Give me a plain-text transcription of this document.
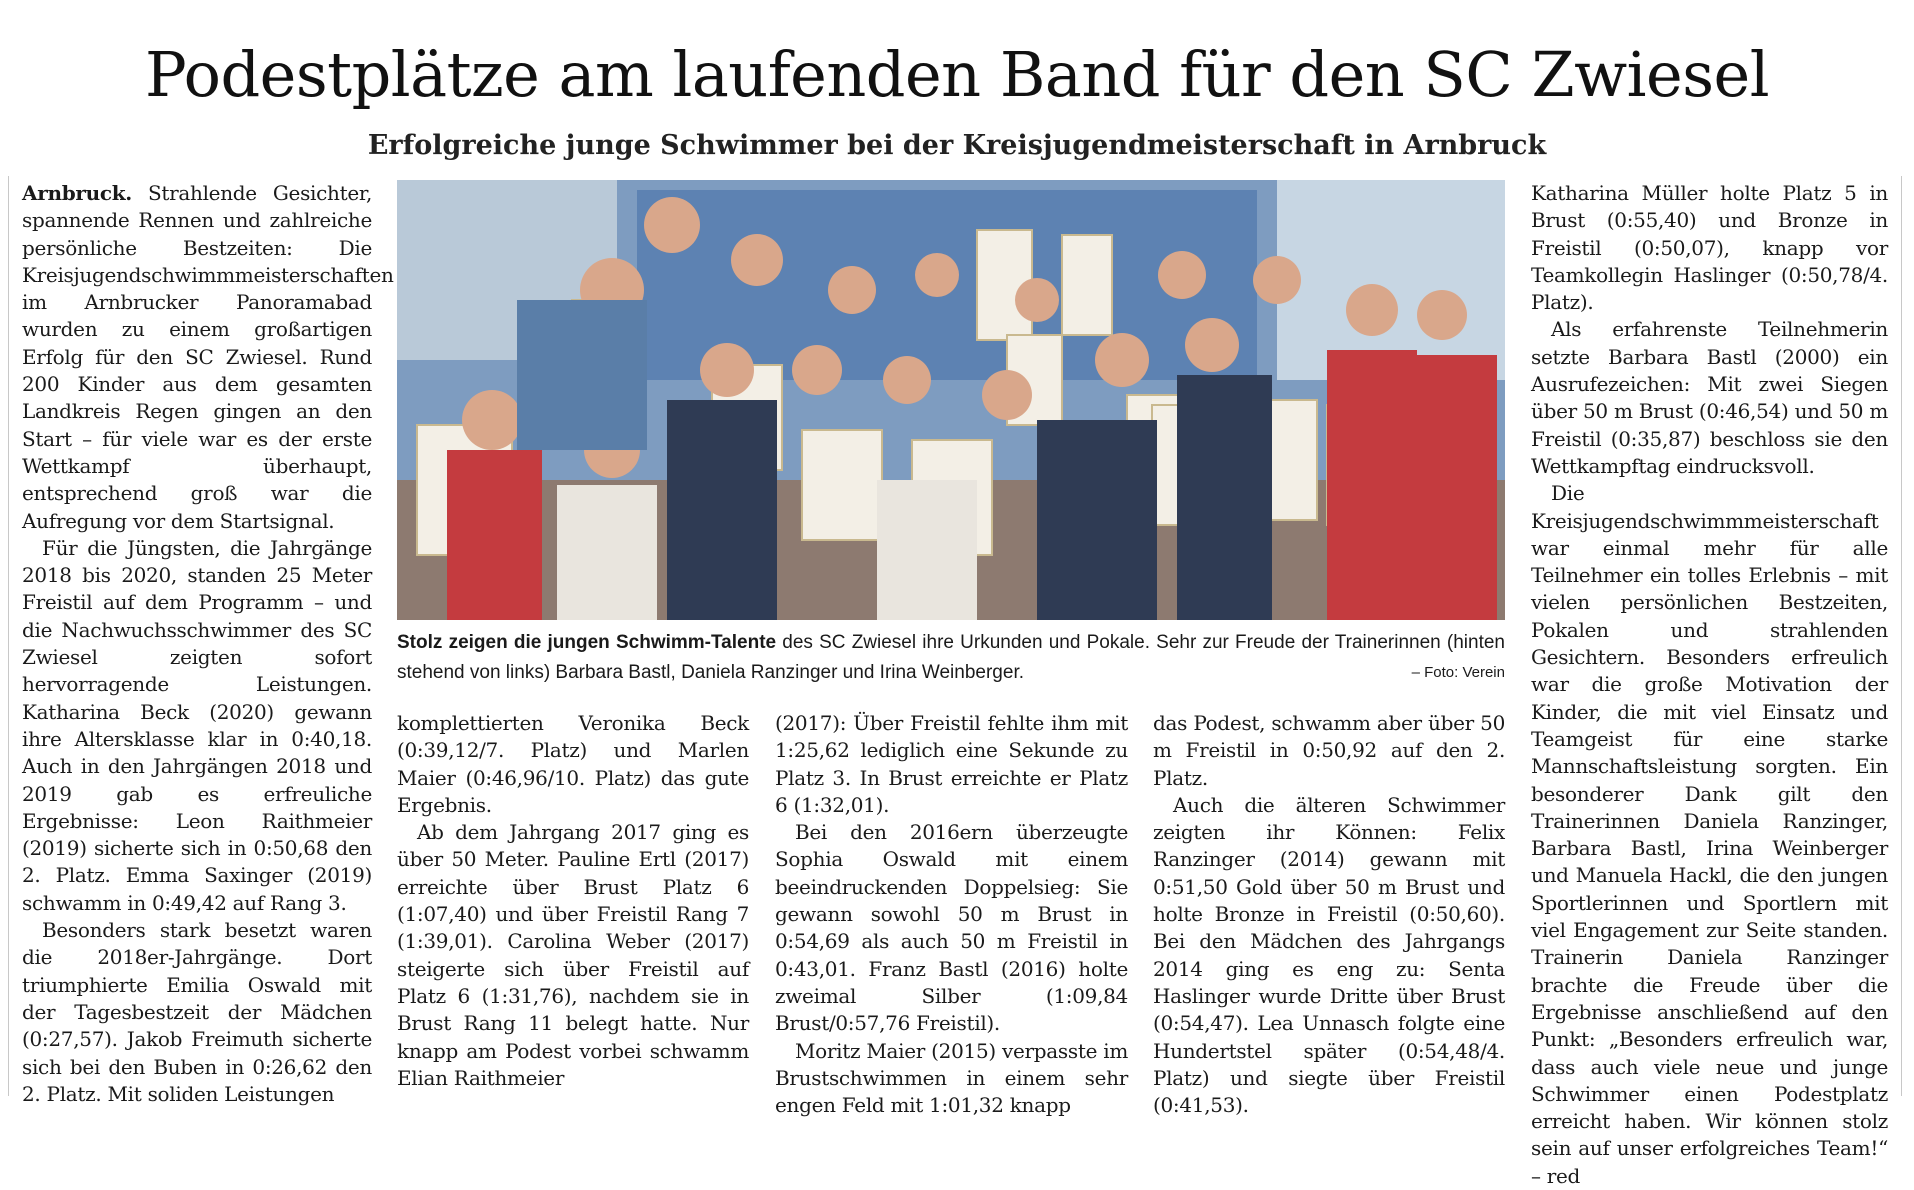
Podestplätze am laufenden Band für den SC Zwiesel
Erfolgreiche junge Schwimmer bei der Kreisjugendmeisterschaft in Arnbruck

Arnbruck. Strahlende Gesichter, spannende Rennen und zahlreiche persönliche Bestzeiten: Die Kreisjugendschwimmmeisterschaften im Arnbrucker Panoramabad wurden zu einem großartigen Erfolg für den SC Zwiesel. Rund 200 Kinder aus dem gesamten Landkreis Regen gingen an den Start – für viele war es der erste Wettkampf überhaupt, entsprechend groß war die Aufregung vor dem Startsignal.

Für die Jüngsten, die Jahrgänge 2018 bis 2020, standen 25 Meter Freistil auf dem Programm – und die Nachwuchsschwimmer des SC Zwiesel zeigten sofort hervorragende Leistungen. Katharina Beck (2020) gewann ihre Altersklasse klar in 0:40,18. Auch in den Jahrgängen 2018 und 2019 gab es erfreuliche Ergebnisse: Leon Raithmeier (2019) sicherte sich in 0:50,68 den 2. Platz. Emma Saxinger (2019) schwamm in 0:49,42 auf Rang 3.

Besonders stark besetzt waren die 2018er-Jahrgänge. Dort triumphierte Emilia Oswald mit der Tagesbestzeit der Mädchen (0:27,57). Jakob Freimuth sicherte sich bei den Buben in 0:26,62 den 2. Platz. Mit soliden Leistungen

Stolz zeigen die jungen Schwimm-Talente des SC Zwiesel ihre Urkunden und Pokale. Sehr zur Freude der Trainerinnen (hinten stehend von links) Barbara Bastl, Daniela Ranzinger und Irina Weinberger.	– Foto: Verein

komplettierten Veronika Beck (0:39,12/7. Platz) und Marlen Maier (0:46,96/10. Platz) das gute Ergebnis.

Ab dem Jahrgang 2017 ging es über 50 Meter. Pauline Ertl (2017) erreichte über Brust Platz 6 (1:07,40) und über Freistil Rang 7 (1:39,01). Carolina Weber (2017) steigerte sich über Freistil auf Platz 6 (1:31,76), nachdem sie in Brust Rang 11 belegt hatte. Nur knapp am Podest vorbei schwamm Elian Raithmeier

(2017): Über Freistil fehlte ihm mit 1:25,62 lediglich eine Sekunde zu Platz 3. In Brust erreichte er Platz 6 (1:32,01).

Bei den 2016ern überzeugte Sophia Oswald mit einem beeindruckenden Doppelsieg: Sie gewann sowohl 50 m Brust in 0:54,69 als auch 50 m Freistil in 0:43,01. Franz Bastl (2016) holte zweimal Silber (1:09,84 Brust/0:57,76 Freistil).

Moritz Maier (2015) verpasste im Brustschwimmen in einem sehr engen Feld mit 1:01,32 knapp

das Podest, schwamm aber über 50 m Freistil in 0:50,92 auf den 2. Platz.

Auch die älteren Schwimmer zeigten ihr Können: Felix Ranzinger (2014) gewann mit 0:51,50 Gold über 50 m Brust und holte Bronze in Freistil (0:50,60). Bei den Mädchen des Jahrgangs 2014 ging es eng zu: Senta Haslinger wurde Dritte über Brust (0:54,47). Lea Unnasch folgte eine Hundertstel später (0:54,48/4. Platz) und siegte über Freistil (0:41,53).

Katharina Müller holte Platz 5 in Brust (0:55,40) und Bronze in Freistil (0:50,07), knapp vor Teamkollegin Haslinger (0:50,78/4. Platz).

Als erfahrenste Teilnehmerin setzte Barbara Bastl (2000) ein Ausrufezeichen: Mit zwei Siegen über 50 m Brust (0:46,54) und 50 m Freistil (0:35,87) beschloss sie den Wettkampftag eindrucksvoll.

Die Kreisjugendschwimmmeisterschaft war einmal mehr für alle Teilnehmer ein tolles Erlebnis – mit vielen persönlichen Bestzeiten, Pokalen und strahlenden Gesichtern. Besonders erfreulich war die große Motivation der Kinder, die mit viel Einsatz und Teamgeist für eine starke Mannschaftsleistung sorgten. Ein besonderer Dank gilt den Trainerinnen Daniela Ranzinger, Barbara Bastl, Irina Weinberger und Manuela Hackl, die den jungen Sportlerinnen und Sportlern mit viel Engagement zur Seite standen. Trainerin Daniela Ranzinger brachte die Freude über die Ergebnisse anschließend auf den Punkt: „Besonders erfreulich war, dass auch viele neue und junge Schwimmer einen Podestplatz erreicht haben. Wir können stolz sein auf unser erfolgreiches Team!“ – red
